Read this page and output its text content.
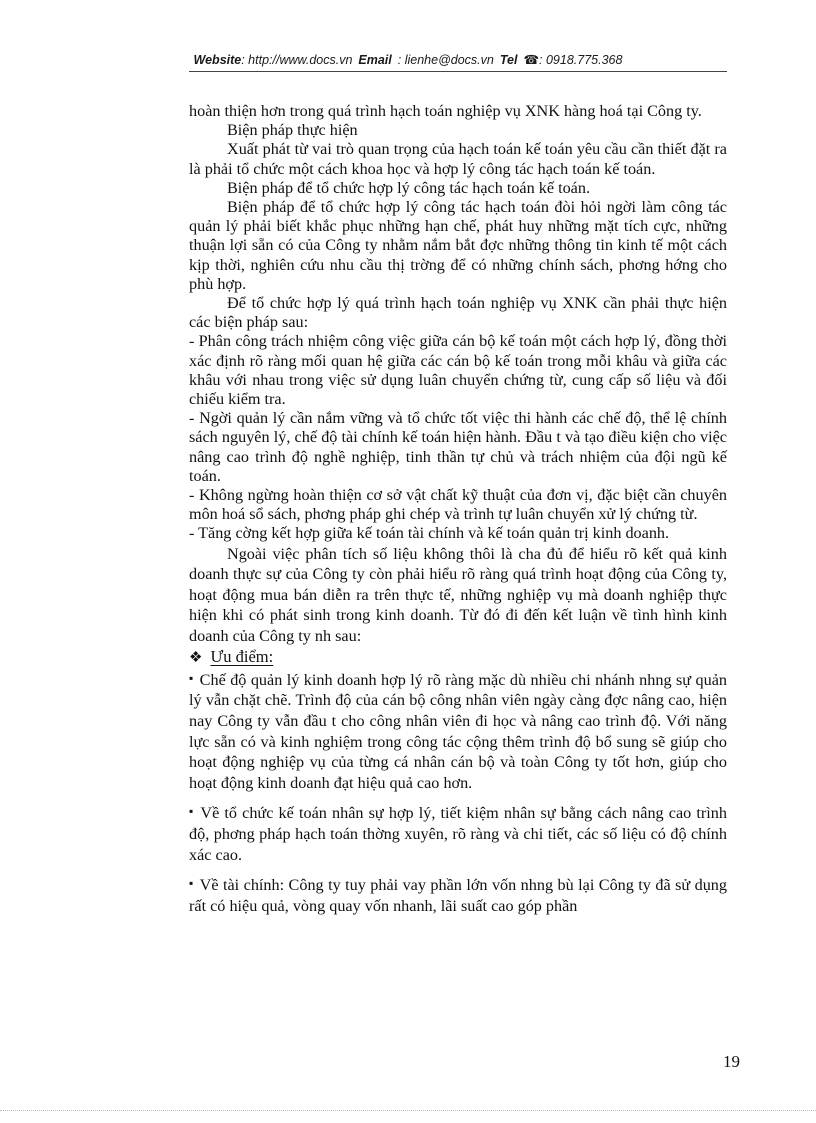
Website: http://www.docs.vn Email : lienhe@docs.vn Tel ☎: 0918.775.368

hoàn thiện hơn trong quá trình hạch toán nghiệp vụ XNK hàng hoá tại Công ty.

Biện pháp thực hiện

Xuất phát từ vai trò quan trọng của hạch toán kế toán yêu cầu cần thiết đặt ra là phải tổ chức một cách khoa học và hợp lý công tác hạch toán kế toán.

Biện pháp để tổ chức hợp lý công tác hạch toán kế toán.

Biện pháp để tổ chức hợp lý công tác hạch toán đòi hỏi ngời làm công tác quản lý phải biết khắc phục những hạn chế, phát huy những mặt tích cực, những thuận lợi sẵn có của Công ty nhằm nắm bắt đợc những thông tin kinh tế một cách kịp thời, nghiên cứu nhu cầu thị trờng để có những chính sách, phơng hớng cho phù hợp.

Để tổ chức hợp lý quá trình hạch toán nghiệp vụ XNK cần phải thực hiện các biện pháp sau:

- Phân công trách nhiệm công việc giữa cán bộ kế toán một cách hợp lý, đồng thời xác định rõ ràng mối quan hệ giữa các cán bộ kế toán trong mỗi khâu và giữa các khâu với nhau trong việc sử dụng luân chuyển chứng từ, cung cấp số liệu và đối chiếu kiểm tra.

- Ngời quản lý cần nắm vững và tổ chức tốt việc thi hành các chế độ, thể lệ chính sách nguyên lý, chế độ tài chính kế toán hiện hành. Đầu t và tạo điều kiện cho việc nâng cao trình độ nghề nghiệp, tinh thần tự chủ và trách nhiệm của đội ngũ kế toán.

- Không ngừng hoàn thiện cơ sở vật chất kỹ thuật của đơn vị, đặc biệt cần chuyên môn hoá sổ sách, phơng pháp ghi chép và trình tự luân chuyển xử lý chứng từ.

- Tăng cờng kết hợp giữa kế toán tài chính và kế toán quản trị kinh doanh.

Ngoài việc phân tích số liệu không thôi là cha đủ để hiểu rõ kết quả kinh doanh thực sự của Công ty còn phải hiểu rõ ràng quá trình hoạt động của Công ty, hoạt động mua bán diễn ra trên thực tế, những nghiệp vụ mà doanh nghiệp thực hiện khi có phát sinh trong kinh doanh. Từ đó đi đến kết luận về tình hình kinh doanh của Công ty nh sau:

❖ Ưu điểm:

▪ Chế độ quản lý kinh doanh hợp lý rõ ràng mặc dù nhiều chi nhánh nhng sự quản lý vẫn chặt chẽ. Trình độ của cán bộ công nhân viên ngày càng đợc nâng cao, hiện nay Công ty vẫn đầu t cho công nhân viên đi học và nâng cao trình độ. Với năng lực sẵn có và kinh nghiệm trong công tác cộng thêm trình độ bổ sung sẽ giúp cho hoạt động nghiệp vụ của từng cá nhân cán bộ và toàn Công ty tốt hơn, giúp cho hoạt động kinh doanh đạt hiệu quả cao hơn.

▪ Về tổ chức kế toán nhân sự hợp lý, tiết kiệm nhân sự bằng cách nâng cao trình độ, phơng pháp hạch toán thờng xuyên, rõ ràng và chi tiết, các số liệu có độ chính xác cao.

▪ Về tài chính: Công ty tuy phải vay phần lớn vốn nhng bù lại Công ty đã sử dụng rất có hiệu quả, vòng quay vốn nhanh, lãi suất cao góp phần

19
